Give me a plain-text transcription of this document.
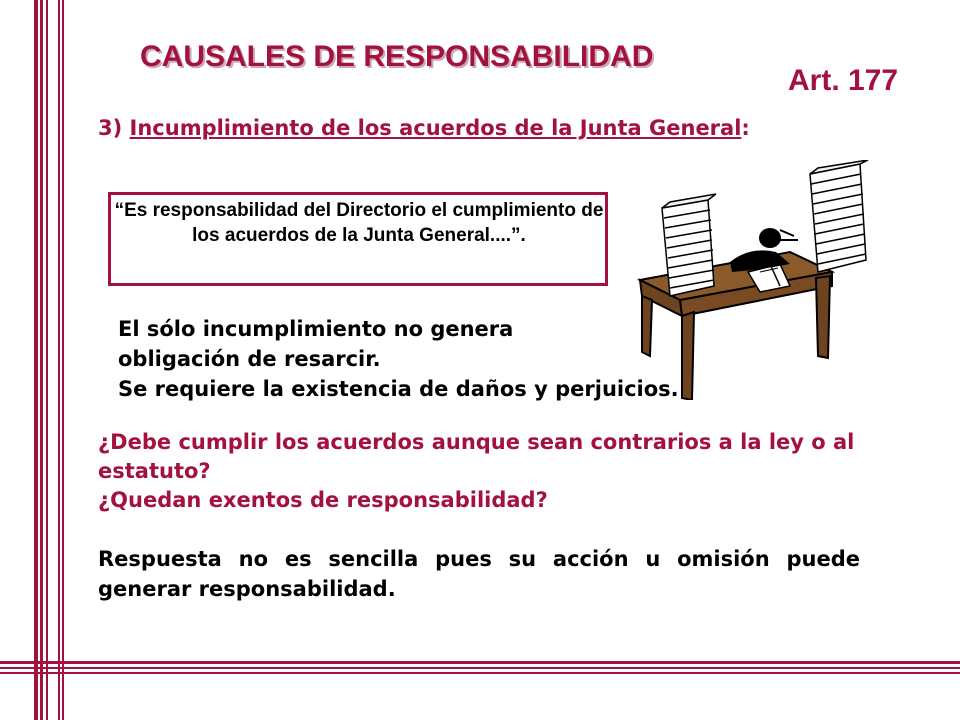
CAUSALES DE RESPONSABILIDAD
Art. 177
3) Incumplimiento de los acuerdos de la Junta General:
“Es responsabilidad del Directorio el cumplimiento de los acuerdos de la Junta General....”.
El sólo incumplimiento no genera
obligación de resarcir.
Se requiere la existencia de daños y perjuicios.
¿Debe cumplir los acuerdos aunque sean contrarios a la ley o al
estatuto?
¿Quedan exentos de responsabilidad?
Respuesta no es sencilla pues su acción u omisión puede
generar responsabilidad.
